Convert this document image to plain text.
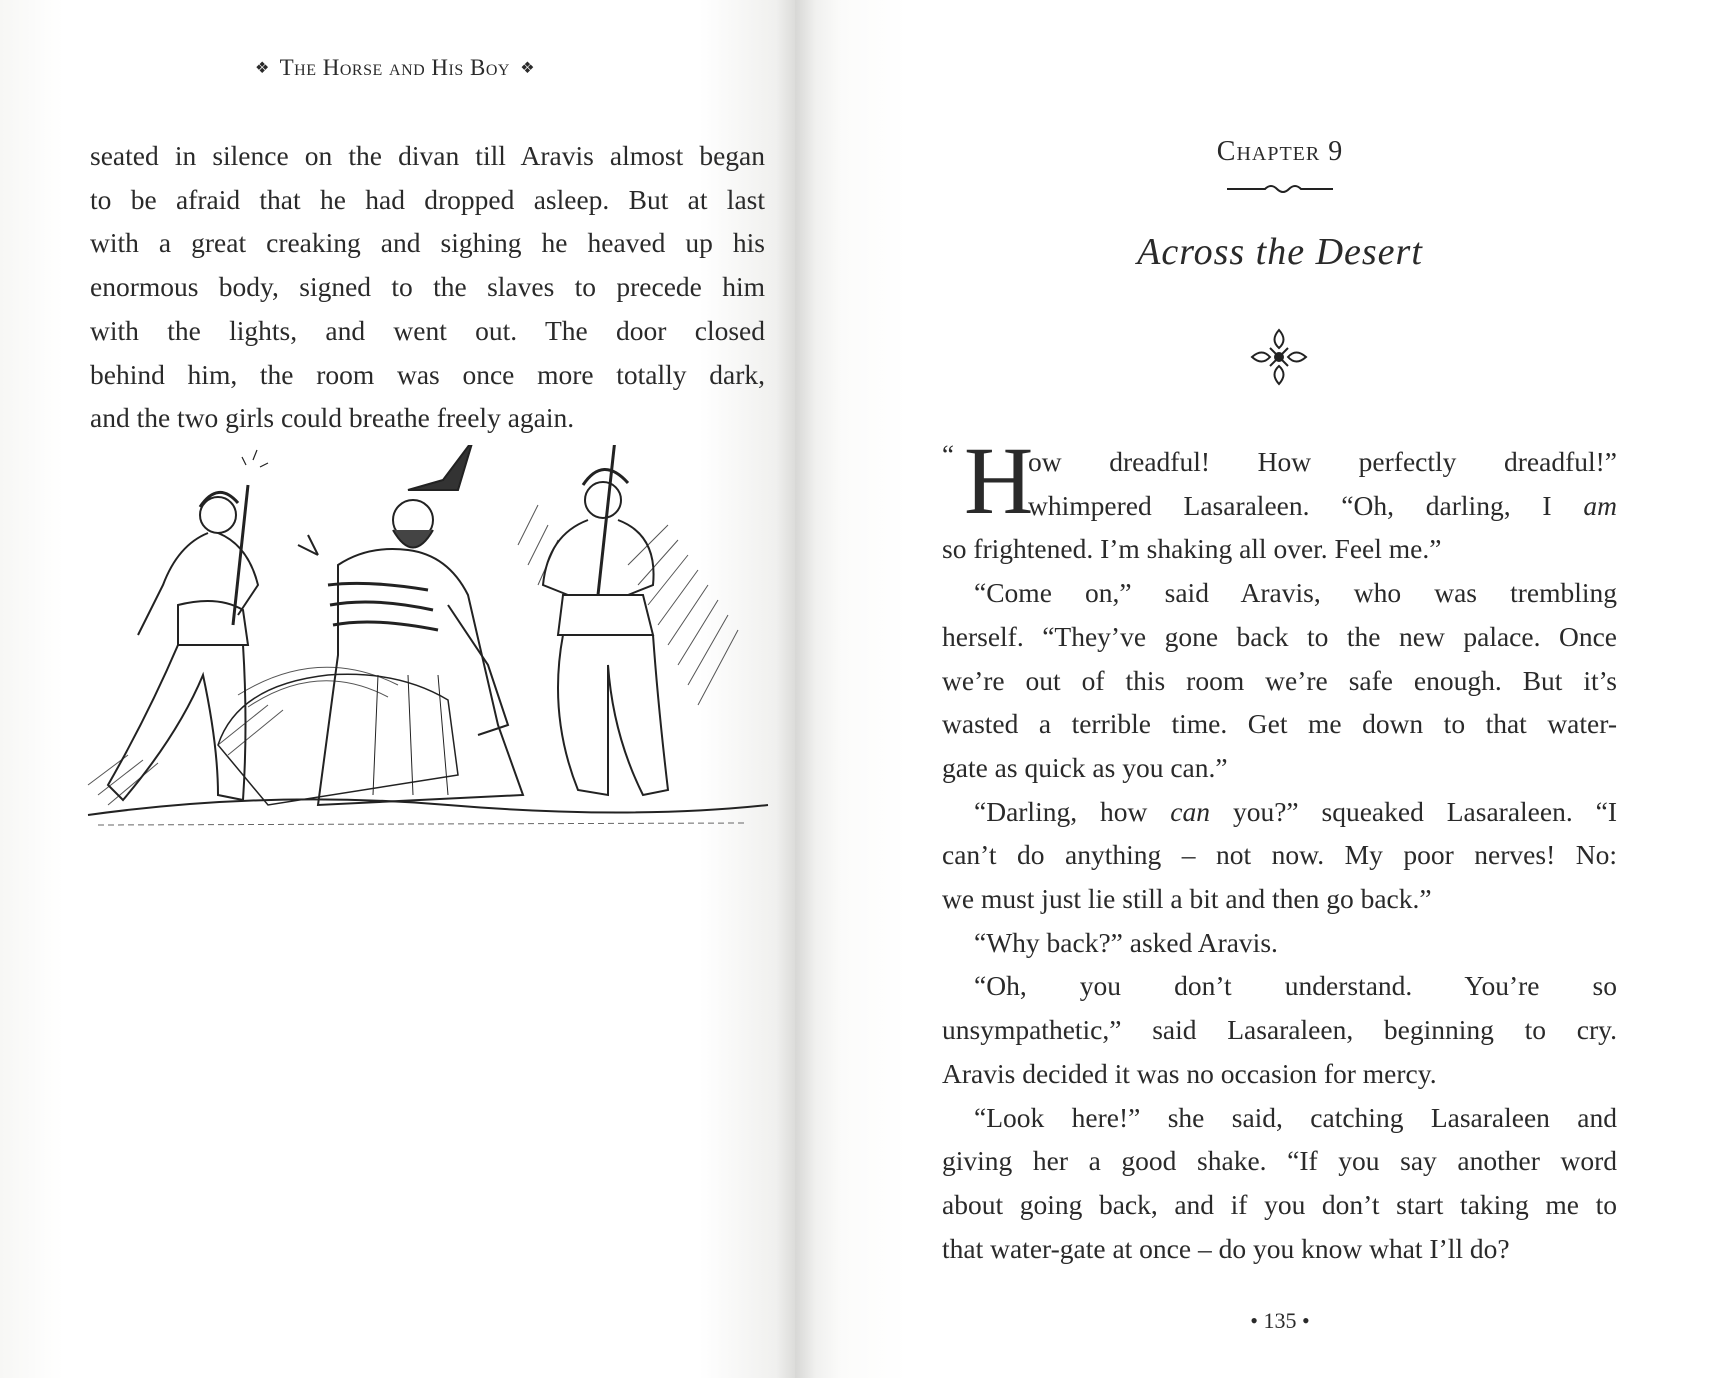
❖ The Horse and His Boy ❖
seated in silence on the divan till Aravis almost began
to be afraid that he had dropped asleep. But at last
with a great creaking and sighing he heaved up his
enormous body, signed to the slaves to precede him
with the lights, and went out. The door closed
behind him, the room was once more totally dark,
and the two girls could breathe freely again.
Chapter 9
Across the Desert
“ H
ow dreadful! How perfectly dreadful!”
whimpered Lasaraleen. “Oh, darling, I am
so frightened. I’m shaking all over. Feel me.”
“Come on,” said Aravis, who was trembling
herself. “They’ve gone back to the new palace. Once
we’re out of this room we’re safe enough. But it’s
wasted a terrible time. Get me down to that water-
gate as quick as you can.”
“Darling, how can you?” squeaked Lasaraleen. “I
can’t do anything – not now. My poor nerves! No:
we must just lie still a bit and then go back.”
“Why back?” asked Aravis.
“Oh, you don’t understand. You’re so
unsympathetic,” said Lasaraleen, beginning to cry.
Aravis decided it was no occasion for mercy.
“Look here!” she said, catching Lasaraleen and
giving her a good shake. “If you say another word
about going back, and if you don’t start taking me to
that water-gate at once – do you know what I’ll do?
• 135 •
